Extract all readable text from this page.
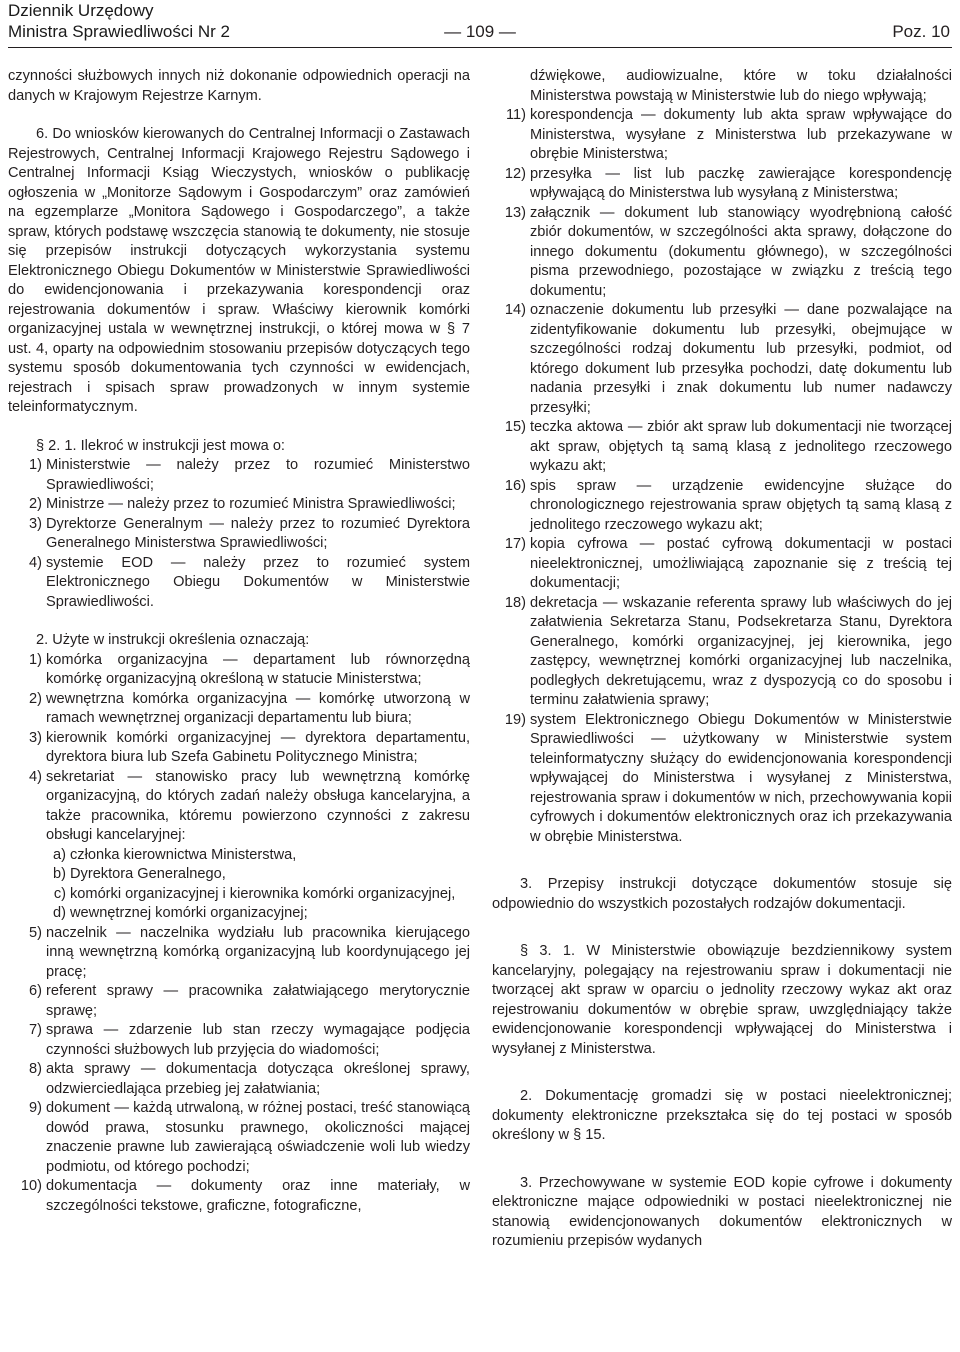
Dziennik Urzędowy
Ministra Sprawiedliwości Nr 2	— 109 —	Poz. 10

czynności służbowych innych niż dokonanie odpowiednich operacji na danych w Krajowym Rejestrze Karnym.

6. Do wniosków kierowanych do Centralnej Informacji o Zastawach Rejestrowych, Centralnej Informacji Krajowego Rejestru Sądowego i Centralnej Informacji Ksiąg Wieczystych, wniosków o publikację ogłoszenia w „Monitorze Sądowym i Gospodarczym” oraz zamówień na egzemplarze „Monitora Sądowego i Gospodarczego”, a także spraw, których podstawę wszczęcia stanowią te dokumenty, nie stosuje się przepisów instrukcji dotyczących wykorzystania systemu Elektronicznego Obiegu Dokumentów w Ministerstwie Sprawiedliwości do ewidencjonowania i przekazywania korespondencji oraz rejestrowania dokumentów i spraw. Właściwy kierownik komórki organizacyjnej ustala w wewnętrznej instrukcji, o której mowa w § 7 ust. 4, oparty na odpowiednim stosowaniu przepisów dotyczących tego systemu sposób dokumentowania tych czynności w ewidencjach, rejestrach i spisach spraw prowadzonych w innym systemie teleinformatycznym.

§ 2. 1. Ilekroć w instrukcji jest mowa o:

1) Ministerstwie — należy przez to rozumieć Ministerstwo Sprawiedliwości;
2) Ministrze — należy przez to rozumieć Ministra Sprawiedliwości;
3) Dyrektorze Generalnym — należy przez to rozumieć Dyrektora Generalnego Ministerstwa Sprawiedliwości;
4) systemie EOD — należy przez to rozumieć system Elektronicznego Obiegu Dokumentów w Ministerstwie Sprawiedliwości.

2. Użyte w instrukcji określenia oznaczają:

1) komórka organizacyjna — departament lub równorzędną komórkę organizacyjną określoną w statucie Ministerstwa;
2) wewnętrzna komórka organizacyjna — komórkę utworzoną w ramach wewnętrznej organizacji departamentu lub biura;
3) kierownik komórki organizacyjnej — dyrektora departamentu, dyrektora biura lub Szefa Gabinetu Politycznego Ministra;
4) sekretariat — stanowisko pracy lub wewnętrzną komórkę organizacyjną, do których zadań należy obsługa kancelaryjna, a także pracownika, któremu powierzono czynności z zakresu obsługi kancelaryjnej:
a) członka kierownictwa Ministerstwa,
b) Dyrektora Generalnego,
c) komórki organizacyjnej i kierownika komórki organizacyjnej,
d) wewnętrznej komórki organizacyjnej;
5) naczelnik — naczelnika wydziału lub pracownika kierującego inną wewnętrzną komórką organizacyjną lub koordynującego jej pracę;
6) referent sprawy — pracownika załatwiającego merytorycznie sprawę;
7) sprawa — zdarzenie lub stan rzeczy wymagające podjęcia czynności służbowych lub przyjęcia do wiadomości;
8) akta sprawy — dokumentacja dotycząca określonej sprawy, odzwierciedlająca przebieg jej załatwiania;
9) dokument — każdą utrwaloną, w różnej postaci, treść stanowiącą dowód prawa, stosunku prawnego, okoliczności mającej znaczenie prawne lub zawierającą oświadczenie woli lub wiedzy podmiotu, od którego pochodzi;
10) dokumentacja — dokumenty oraz inne materiały, w szczególności tekstowe, graficzne, fotograficzne,
dźwiękowe, audiowizualne, które w toku działalności Ministerstwa powstają w Ministerstwie lub do niego wpływają;
11) korespondencja — dokumenty lub akta spraw wpływające do Ministerstwa, wysyłane z Ministerstwa lub przekazywane w obrębie Ministerstwa;
12) przesyłka — list lub paczkę zawierające korespondencję wpływającą do Ministerstwa lub wysyłaną z Ministerstwa;
13) załącznik — dokument lub stanowiący wyodrębnioną całość zbiór dokumentów, w szczególności akta sprawy, dołączone do innego dokumentu (dokumentu głównego), w szczególności pisma przewodniego, pozostające w związku z treścią tego dokumentu;
14) oznaczenie dokumentu lub przesyłki — dane pozwalające na zidentyfikowanie dokumentu lub przesyłki, obejmujące w szczególności rodzaj dokumentu lub przesyłki, podmiot, od którego dokument lub przesyłka pochodzi, datę dokumentu lub nadania przesyłki i znak dokumentu lub numer nadawczy przesyłki;
15) teczka aktowa — zbiór akt spraw lub dokumentacji nie tworzącej akt spraw, objętych tą samą klasą z jednolitego rzeczowego wykazu akt;
16) spis spraw — urządzenie ewidencyjne służące do chronologicznego rejestrowania spraw objętych tą samą klasą z jednolitego rzeczowego wykazu akt;
17) kopia cyfrowa — postać cyfrową dokumentacji w postaci nieelektronicznej, umożliwiającą zapoznanie się z treścią tej dokumentacji;
18) dekretacja — wskazanie referenta sprawy lub właściwych do jej załatwienia Sekretarza Stanu, Podsekretarza Stanu, Dyrektora Generalnego, komórki organizacyjnej, jej kierownika, jego zastępcy, wewnętrznej komórki organizacyjnej lub naczelnika, podległych dekretującemu, wraz z dyspozycją co do sposobu i terminu załatwienia sprawy;
19) system Elektronicznego Obiegu Dokumentów w Ministerstwie Sprawiedliwości — użytkowany w Ministerstwie system teleinformatyczny służący do ewidencjonowania korespondencji wpływającej do Ministerstwa i wysyłanej z Ministerstwa, rejestrowania spraw i dokumentów w nich, przechowywania kopii cyfrowych i dokumentów elektronicznych oraz ich przekazywania w obrębie Ministerstwa.

3. Przepisy instrukcji dotyczące dokumentów stosuje się odpowiednio do wszystkich pozostałych rodzajów dokumentacji.

§ 3. 1. W Ministerstwie obowiązuje bezdziennikowy system kancelaryjny, polegający na rejestrowaniu spraw i dokumentacji nie tworzącej akt spraw w oparciu o jednolity rzeczowy wykaz akt oraz rejestrowaniu dokumentów w obrębie spraw, uwzględniający także ewidencjonowanie korespondencji wpływającej do Ministerstwa i wysyłanej z Ministerstwa.

2. Dokumentację gromadzi się w postaci nieelektronicznej; dokumenty elektroniczne przekształca się do tej postaci w sposób określony w § 15.

3. Przechowywane w systemie EOD kopie cyfrowe i dokumenty elektroniczne mające odpowiedniki w postaci nieelektronicznej nie stanowią ewidencjonowanych dokumentów elektronicznych w rozumieniu przepisów wydanych
